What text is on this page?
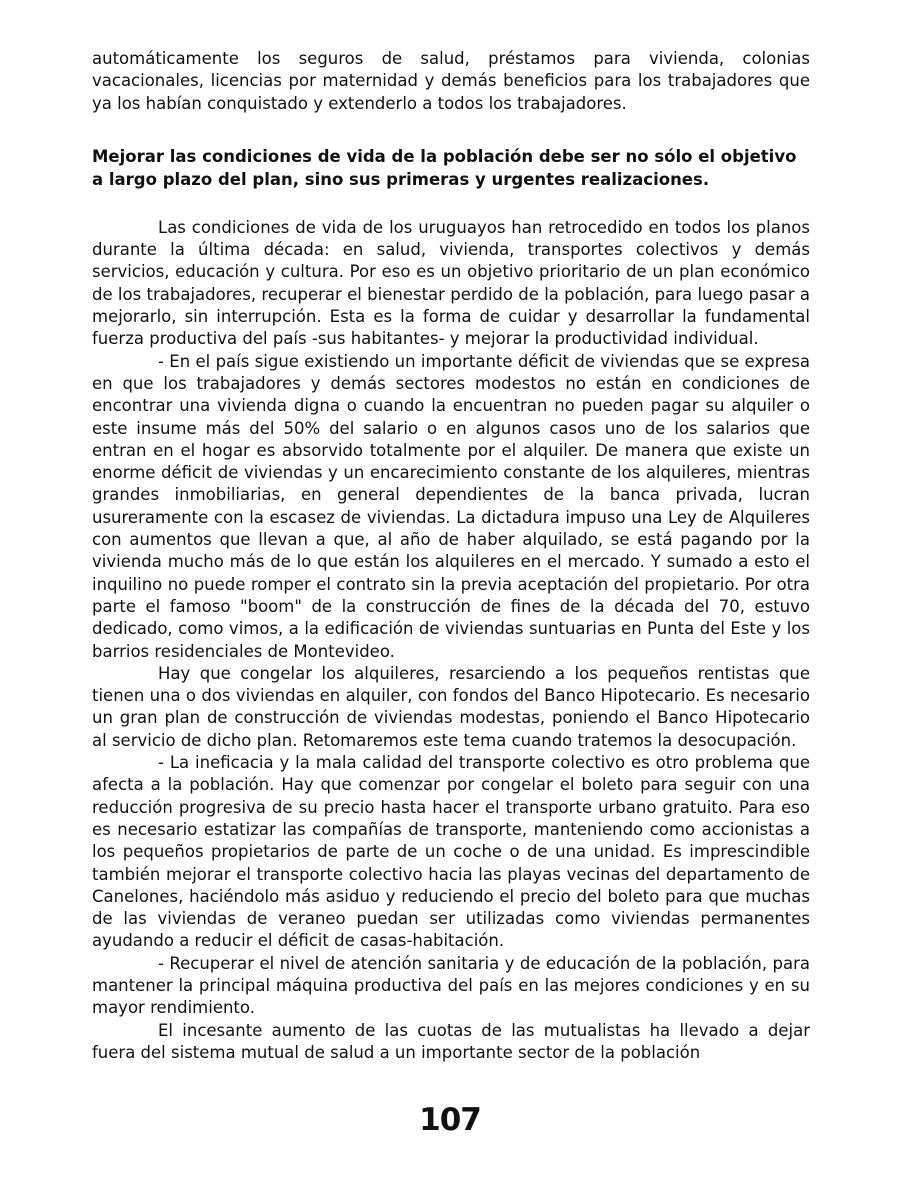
automáticamente los seguros de salud, préstamos para vivienda, colonias vacacionales, licencias por maternidad y demás beneficios para los trabajadores que ya los habían conquistado y extenderlo a todos los trabajadores.

Mejorar las condiciones de vida de la población debe ser no sólo el objetivo a largo plazo del plan, sino sus primeras y urgentes realizaciones.

Las condiciones de vida de los uruguayos han retrocedido en todos los planos durante la última década: en salud, vivienda, transportes colectivos y demás servicios, educación y cultura. Por eso es un objetivo prioritario de un plan económico de los trabajadores, recuperar el bienestar perdido de la población, para luego pasar a mejorarlo, sin interrupción. Esta es la forma de cuidar y desarrollar la fundamental fuerza productiva del país -sus habitantes- y mejorar la productividad individual.

- En el país sigue existiendo un importante déficit de viviendas que se expresa en que los trabajadores y demás sectores modestos no están en condiciones de encontrar una vivienda digna o cuando la encuentran no pueden pagar su alquiler o este insume más del 50% del salario o en algunos casos uno de los salarios que entran en el hogar es absorvido totalmente por el alquiler. De manera que existe un enorme déficit de viviendas y un encarecimiento constante de los alquileres, mientras grandes inmobiliarias, en general dependientes de la banca privada, lucran usureramente con la escasez de viviendas. La dictadura impuso una Ley de Alquileres con aumentos que llevan a que, al año de haber alquilado, se está pagando por la vivienda mucho más de lo que están los alquileres en el mercado. Y sumado a esto el inquilino no puede romper el contrato sin la previa aceptación del propietario. Por otra parte el famoso "boom" de la construcción de fines de la década del 70, estuvo dedicado, como vimos, a la edificación de viviendas suntuarias en Punta del Este y los barrios residenciales de Montevideo.

Hay que congelar los alquileres, resarciendo a los pequeños rentistas que tienen una o dos viviendas en alquiler, con fondos del Banco Hipotecario. Es necesario un gran plan de construcción de viviendas modestas, poniendo el Banco Hipotecario al servicio de dicho plan. Retomaremos este tema cuando tratemos la desocupación.

- La ineficacia y la mala calidad del transporte colectivo es otro problema que afecta a la población. Hay que comenzar por congelar el boleto para seguir con una reducción progresiva de su precio hasta hacer el transporte urbano gratuito. Para eso es necesario estatizar las compañías de transporte, manteniendo como accionistas a los pequeños propietarios de parte de un coche o de una unidad. Es imprescindible también mejorar el transporte colectivo hacia las playas vecinas del departamento de Canelones, haciéndolo más asiduo y reduciendo el precio del boleto para que muchas de las viviendas de veraneo puedan ser utilizadas como viviendas permanentes ayudando a reducir el déficit de casas-habitación.

- Recuperar el nivel de atención sanitaria y de educación de la población, para mantener la principal máquina productiva del país en las mejores condiciones y en su mayor rendimiento.

El incesante aumento de las cuotas de las mutualistas ha llevado a dejar fuera del sistema mutual de salud a un importante sector de la población

107
